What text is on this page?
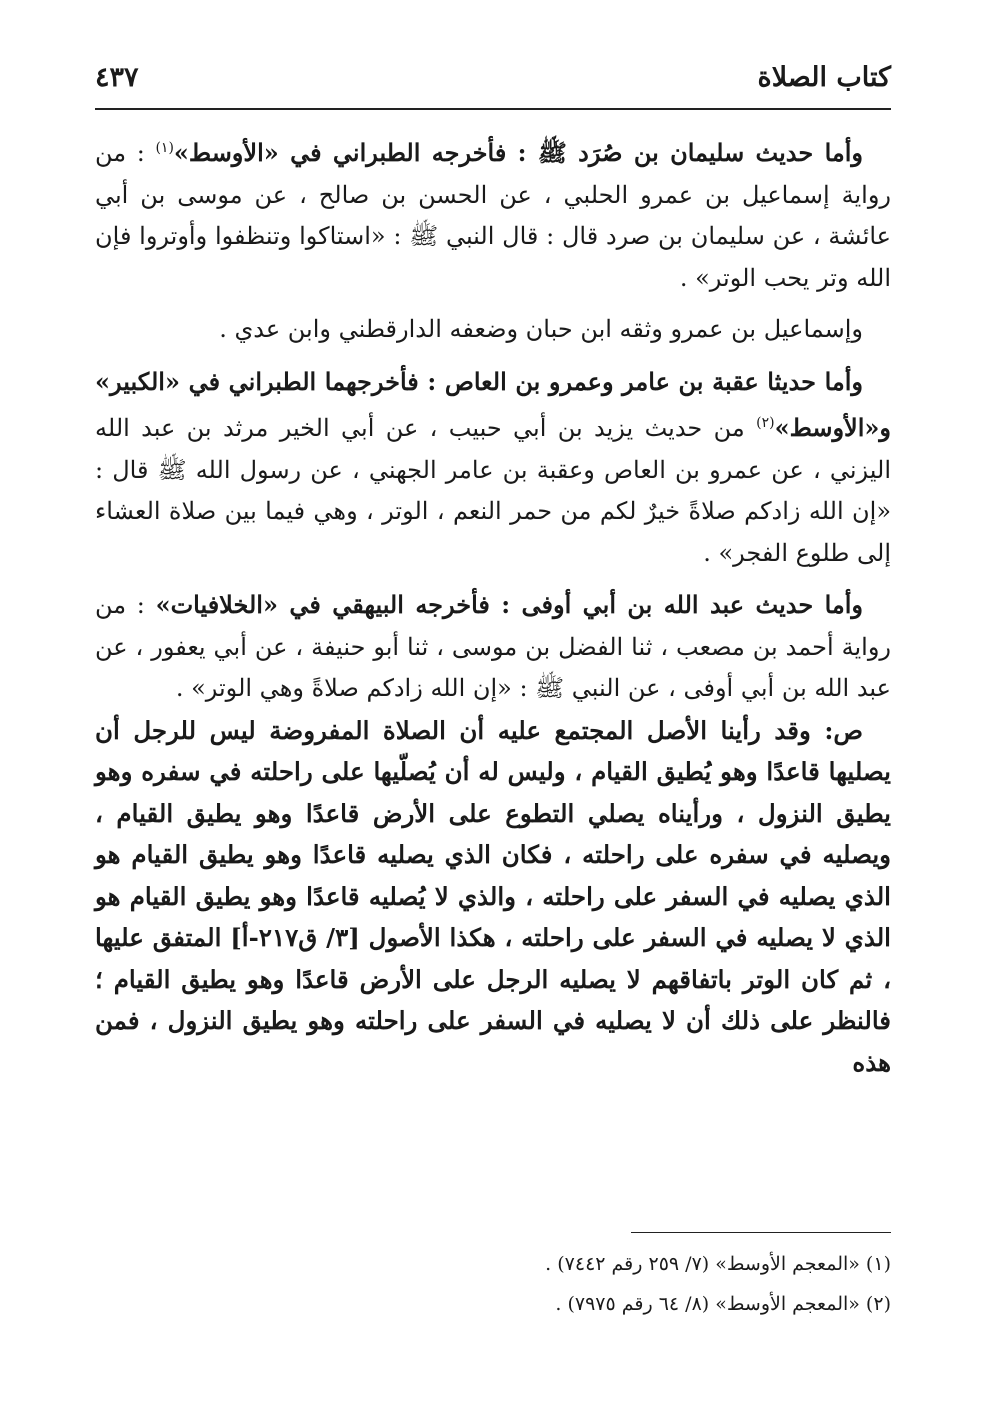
كتاب الصلاة
٤٣٧

وأما حديث سليمان بن صُرَد ﷺ : فأخرجه الطبراني في «الأوسط»$^{(١)}$ : من رواية إسماعيل بن عمرو الحلبي ، عن الحسن بن صالح ، عن موسى بن أبي عائشة ، عن سليمان بن صرد قال : قال النبي ﷺ : «استاكوا وتنظفوا وأوتروا فإن الله وتر يحب الوتر» .

وإسماعيل بن عمرو وثقه ابن حبان وضعفه الدارقطني وابن عدي .

وأما حديثا عقبة بن عامر وعمرو بن العاص : فأخرجهما الطبراني في «الكبير» و«الأوسط»$^{(٢)}$ من حديث يزيد بن أبي حبيب ، عن أبي الخير مرثد بن عبد الله اليزني ، عن عمرو بن العاص وعقبة بن عامر الجهني ، عن رسول الله ﷺ قال : «إن الله زادكم صلاةً خيرٌ لكم من حمر النعم ، الوتر ، وهي فيما بين صلاة العشاء إلى طلوع الفجر» .

وأما حديث عبد الله بن أبي أوفى : فأخرجه البيهقي في «الخلافيات» : من رواية أحمد بن مصعب ، ثنا الفضل بن موسى ، ثنا أبو حنيفة ، عن أبي يعفور ، عن عبد الله بن أبي أوفى ، عن النبي ﷺ : «إن الله زادكم صلاةً وهي الوتر» .

ص: وقد رأينا الأصل المجتمع عليه أن الصلاة المفروضة ليس للرجل أن يصليها قاعدًا وهو يُطيق القيام ، وليس له أن يُصلّيها على راحلته في سفره وهو يطيق النزول ، ورأيناه يصلي التطوع على الأرض قاعدًا وهو يطيق القيام ، ويصليه في سفره على راحلته ، فكان الذي يصليه قاعدًا وهو يطيق القيام هو الذي يصليه في السفر على راحلته ، والذي لا يُصليه قاعدًا وهو يطيق القيام هو الذي لا يصليه في السفر على راحلته ، هكذا الأصول [٣/ ق٢١٧-أ] المتفق عليها ، ثم كان الوتر باتفاقهم لا يصليه الرجل على الأرض قاعدًا وهو يطيق القيام ؛ فالنظر على ذلك أن لا يصليه في السفر على راحلته وهو يطيق النزول ، فمن هذه

(١) «المعجم الأوسط» (٧/ ٢٥٩ رقم ٧٤٤٢) .
(٢) «المعجم الأوسط» (٨/ ٦٤ رقم ٧٩٧٥) .
